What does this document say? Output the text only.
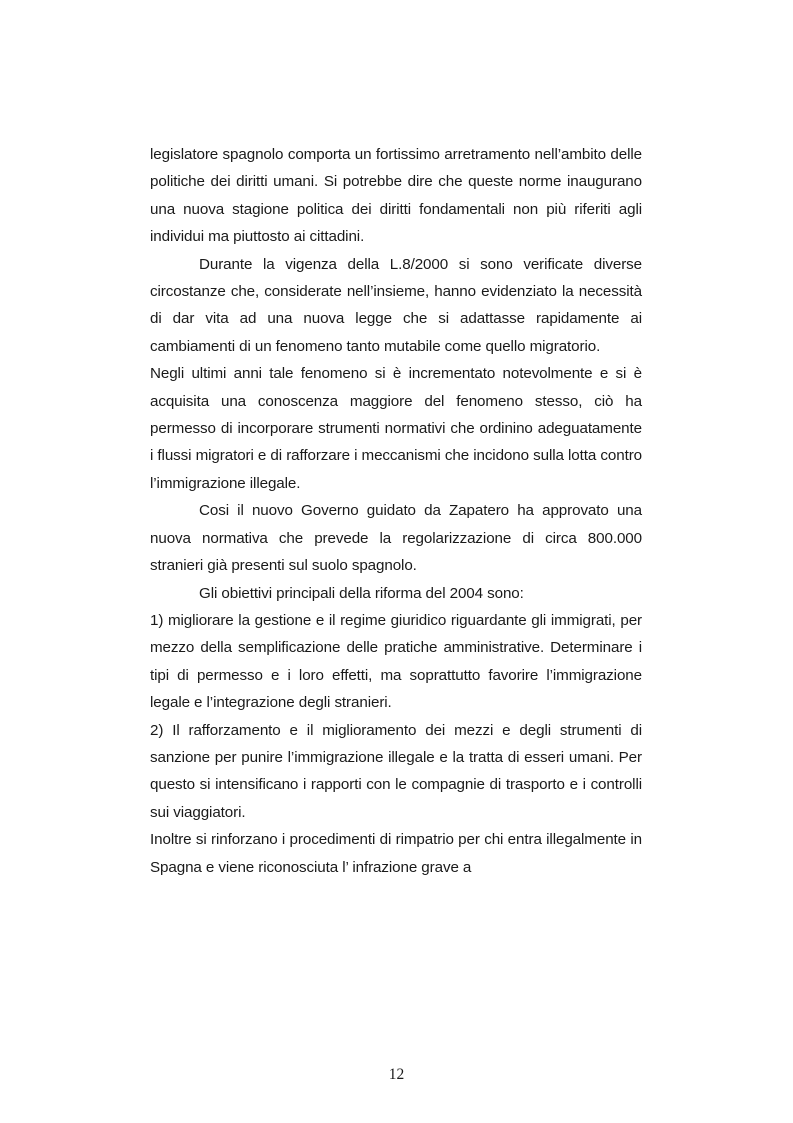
legislatore spagnolo comporta un fortissimo arretramento nell’ambito delle politiche dei diritti umani. Si potrebbe dire che queste norme inaugurano una nuova stagione politica dei diritti fondamentali non più riferiti agli individui ma piuttosto ai cittadini.

Durante la vigenza della L.8/2000 si sono verificate diverse circostanze che, considerate nell’insieme, hanno evidenziato la necessità di dar vita ad una nuova legge che si adattasse rapidamente ai cambiamenti di un fenomeno tanto mutabile come quello migratorio.

Negli ultimi anni tale fenomeno si è incrementato notevolmente e si è acquisita una conoscenza maggiore del fenomeno stesso, ciò ha permesso di incorporare strumenti normativi che ordinino adeguatamente i flussi migratori e di rafforzare i meccanismi che incidono sulla lotta contro l’immigrazione illegale.

Cosi il nuovo Governo guidato da Zapatero ha approvato una nuova normativa che prevede la regolarizzazione di circa 800.000 stranieri già presenti sul suolo spagnolo.

Gli obiettivi principali della riforma del 2004 sono:

1) migliorare la gestione e il regime giuridico riguardante gli immigrati, per mezzo della semplificazione delle pratiche amministrative. Determinare i tipi di permesso e i loro effetti, ma soprattutto favorire l’immigrazione legale e l’integrazione degli stranieri.

2) Il rafforzamento e il miglioramento dei mezzi e degli strumenti di sanzione per punire l’immigrazione illegale e la tratta di esseri umani. Per questo si intensificano i rapporti con le compagnie di trasporto e i controlli sui viaggiatori.

Inoltre si rinforzano i procedimenti di rimpatrio per chi entra illegalmente in Spagna e viene riconosciuta l’ infrazione grave a

12
